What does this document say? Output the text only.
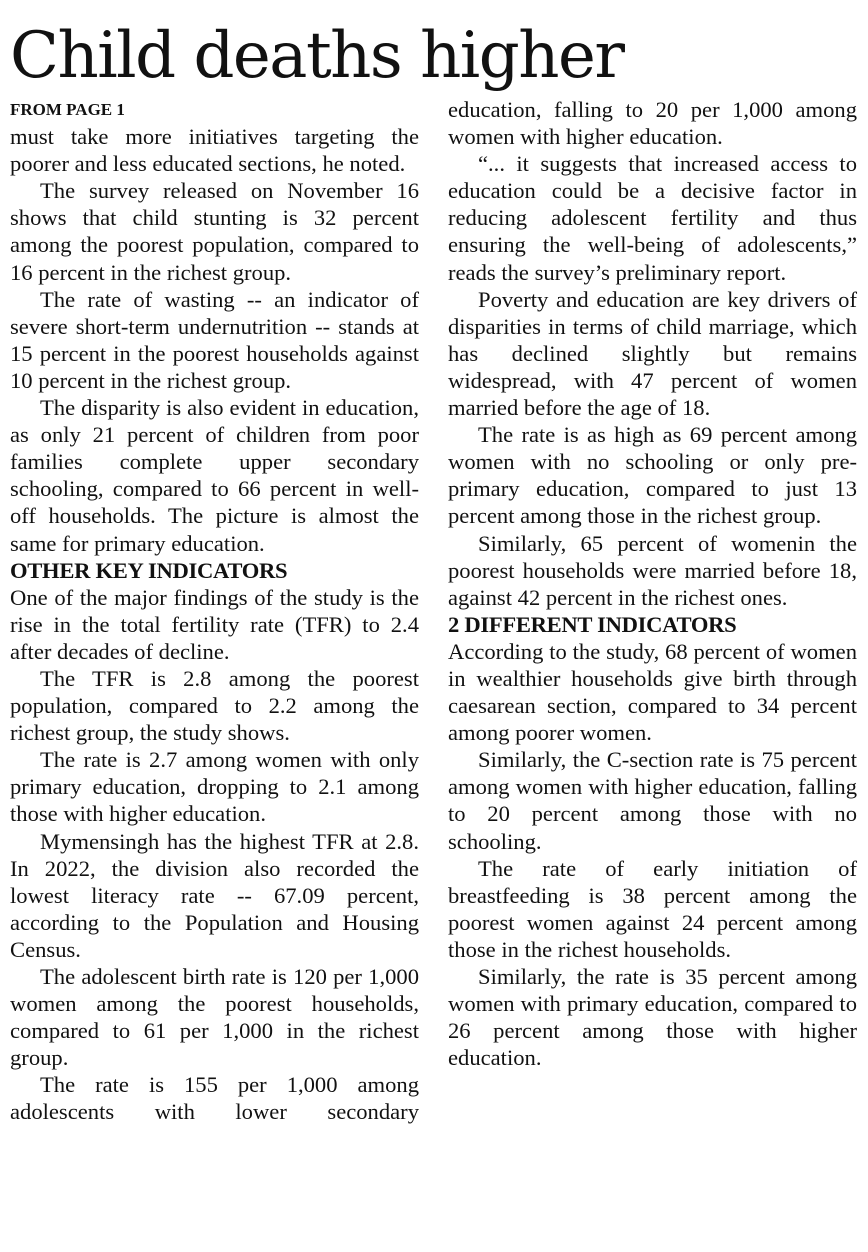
Child deaths higher
FROM PAGE 1

must take more initiatives targeting the poorer and less educated sections, he noted.

The survey released on November 16 shows that child stunting is 32 percent among the poorest population, compared to 16 percent in the richest group.

The rate of wasting -- an indicator of severe short-term undernutrition -- stands at 15 percent in the poorest households against 10 percent in the richest group.

The disparity is also evident in education, as only 21 percent of children from poor families complete upper secondary schooling, compared to 66 percent in well-off households. The picture is almost the same for primary education.

OTHER KEY INDICATORS

One of the major findings of the study is the rise in the total fertility rate (TFR) to 2.4 after decades of decline.

The TFR is 2.8 among the poorest population, compared to 2.2 among the richest group, the study shows.

The rate is 2.7 among women with only primary education, dropping to 2.1 among those with higher education.

Mymensingh has the highest TFR at 2.8. In 2022, the division also recorded the lowest literacy rate -- 67.09 percent, according to the Population and Housing Census.

The adolescent birth rate is 120 per 1,000 women among the poorest households, compared to 61 per 1,000 in the richest group.

The rate is 155 per 1,000 among adolescents with lower secondary

education, falling to 20 per 1,000 among women with higher education.

“... it suggests that increased access to education could be a decisive factor in reducing adolescent fertility and thus ensuring the well-being of adolescents,” reads the survey’s preliminary report.

Poverty and education are key drivers of disparities in terms of child marriage, which has declined slightly but remains widespread, with 47 percent of women married before the age of 18.

The rate is as high as 69 percent among women with no schooling or only pre-primary education, compared to just 13 percent among those in the richest group.

Similarly, 65 percent of womenin the poorest households were married before 18, against 42 percent in the richest ones.

2 DIFFERENT INDICATORS

According to the study, 68 percent of women in wealthier households give birth through caesarean section, compared to 34 percent among poorer women.

Similarly, the C-section rate is 75 percent among women with higher education, falling to 20 percent among those with no schooling.

The rate of early initiation of breastfeeding is 38 percent among the poorest women against 24 percent among those in the richest households.

Similarly, the rate is 35 percent among women with primary education, compared to 26 percent among those with higher education.
